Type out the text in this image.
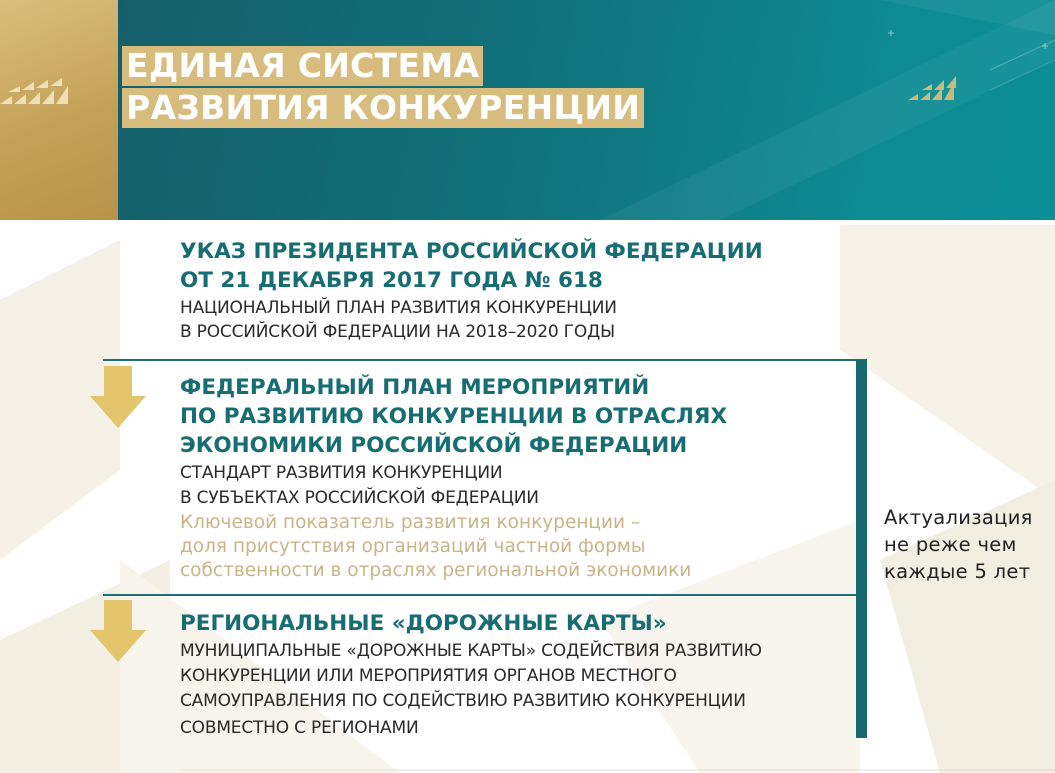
ЕДИНАЯ СИСТЕМА
РАЗВИТИЯ КОНКУРЕНЦИИ

УКАЗ ПРЕЗИДЕНТА РОССИЙСКОЙ ФЕДЕРАЦИИ

ОТ 21 ДЕКАБРЯ 2017 ГОДА № 618

НАЦИОНАЛЬНЫЙ ПЛАН РАЗВИТИЯ КОНКУРЕНЦИИ

В РОССИЙСКОЙ ФЕДЕРАЦИИ НА 2018–2020 ГОДЫ

ФЕДЕРАЛЬНЫЙ ПЛАН МЕРОПРИЯТИЙ

ПО РАЗВИТИЮ КОНКУРЕНЦИИ В ОТРАСЛЯХ

ЭКОНОМИКИ РОССИЙСКОЙ ФЕДЕРАЦИИ

СТАНДАРТ РАЗВИТИЯ КОНКУРЕНЦИИ

В СУБЪЕКТАХ РОССИЙСКОЙ ФЕДЕРАЦИИ

Ключевой показатель развития конкуренции –

доля присутствия организаций частной формы

собственности в отраслях региональной экономики

РЕГИОНАЛЬНЫЕ «ДОРОЖНЫЕ КАРТЫ»

МУНИЦИПАЛЬНЫЕ «ДОРОЖНЫЕ КАРТЫ» СОДЕЙСТВИЯ РАЗВИТИЮ

КОНКУРЕНЦИИ ИЛИ МЕРОПРИЯТИЯ ОРГАНОВ МЕСТНОГО

САМОУПРАВЛЕНИЯ ПО СОДЕЙСТВИЮ РАЗВИТИЮ КОНКУРЕНЦИИ

СОВМЕСТНО С РЕГИОНАМИ

Актуализация
не реже чем
каждые 5 лет
